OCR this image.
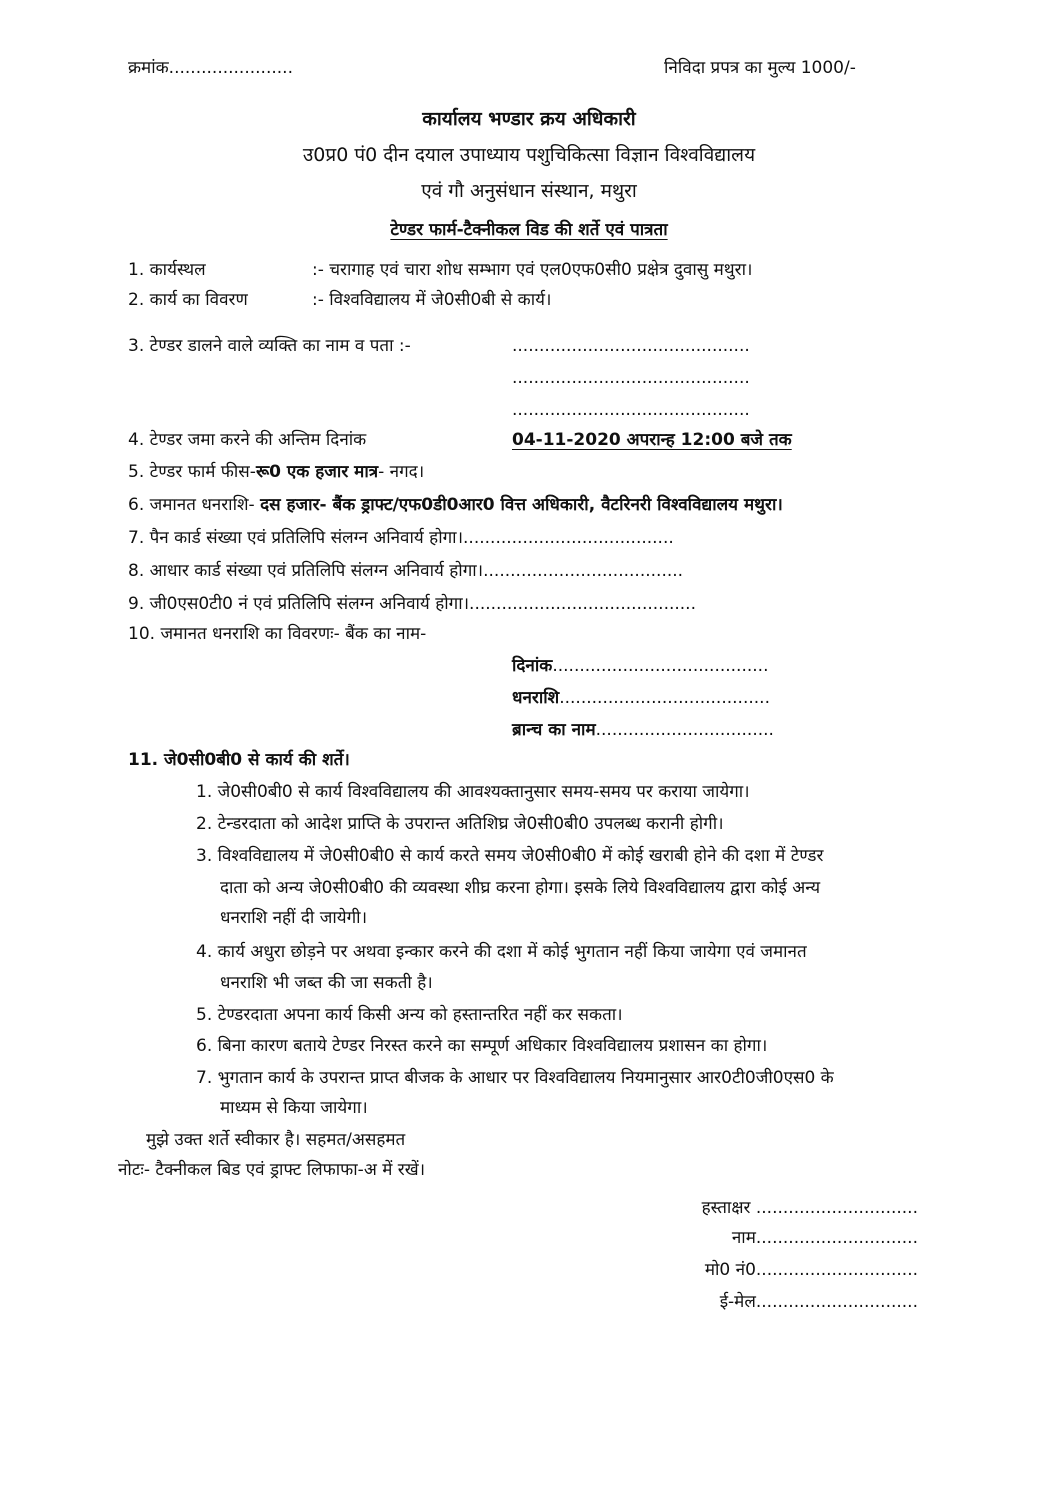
क्रमांक.......................	निविदा प्रपत्र का मुल्य 1000/-
कार्यालय भण्डार क्रय अधिकारी
उ0प्र0 पं0 दीन दयाल उपाध्याय पशुचिकित्सा विज्ञान विश्वविद्यालय
एवं गौ अनुसंधान संस्थान, मथुरा
टेण्डर फार्म-टैक्नीकल विड की शर्ते एवं पात्रता
1. कार्यस्थल	:- चरागाह एवं चारा शोध सम्भाग एवं एल0एफ0सी0 प्रक्षेत्र दुवासु मथुरा।
2. कार्य का विवरण	:- विश्वविद्यालय में जे0सी0बी से कार्य।
3. टेण्डर डालने वाले व्यक्ति का नाम व पता :-	............................................
............................................
............................................
4. टेण्डर जमा करने की अन्तिम दिनांक	04-11-2020 अपरान्ह 12:00 बजे तक
5. टेण्डर फार्म फीस-रू0 एक हजार मात्र- नगद।
6. जमानत धनराशि- दस हजार- बैंक ड्राफ्ट/एफ0डी0आर0 वित्त अधिकारी, वैटरिनरी विश्वविद्यालय मथुरा।
7. पैन कार्ड संख्या एवं प्रतिलिपि संलग्न अनिवार्य होगा।.......................................
8. आधार कार्ड संख्या एवं प्रतिलिपि संलग्न अनिवार्य होगा।.....................................
9. जी0एस0टी0 नं एवं प्रतिलिपि संलग्न अनिवार्य होगा।..........................................
10. जमानत धनराशि का विवरणः- बैंक का नाम-
दिनांक........................................
धनराशि.......................................
ब्रान्च का नाम.................................
11. जे0सी0बी0 से कार्य की शर्ते।
1. जे0सी0बी0 से कार्य विश्वविद्यालय की आवश्यक्तानुसार समय-समय पर कराया जायेगा।
2. टेन्डरदाता को आदेश प्राप्ति के उपरान्त अतिशिघ्र जे0सी0बी0 उपलब्ध करानी होगी।
3. विश्वविद्यालय में जे0सी0बी0 से कार्य करते समय जे0सी0बी0 में कोई खराबी होने की दशा में टेण्डर
दाता को अन्य जे0सी0बी0 की व्यवस्था शीघ्र करना होगा। इसके लिये विश्वविद्यालय द्वारा कोई अन्य
धनराशि नहीं दी जायेगी।
4. कार्य अधुरा छोड़ने पर अथवा इन्कार करने की दशा में कोई भुगतान नहीं किया जायेगा एवं जमानत
धनराशि भी जब्त की जा सकती है।
5. टेण्डरदाता अपना कार्य किसी अन्य को हस्तान्तरित नहीं कर सकता।
6. बिना कारण बताये टेण्डर निरस्त करने का सम्पूर्ण अधिकार विश्वविद्यालय प्रशासन का होगा।
7. भुगतान कार्य के उपरान्त प्राप्त बीजक के आधार पर विश्वविद्यालय नियमानुसार आर0टी0जी0एस0 के
माध्यम से किया जायेगा।
मुझे उक्त शर्ते स्वीकार है। सहमत/असहमत
नोटः- टैक्नीकल बिड एवं ड्राफ्ट लिफाफा-अ में रखें।
हस्ताक्षर ..............................
नाम..............................
मो0 नं0..............................
ई-मेल..............................
